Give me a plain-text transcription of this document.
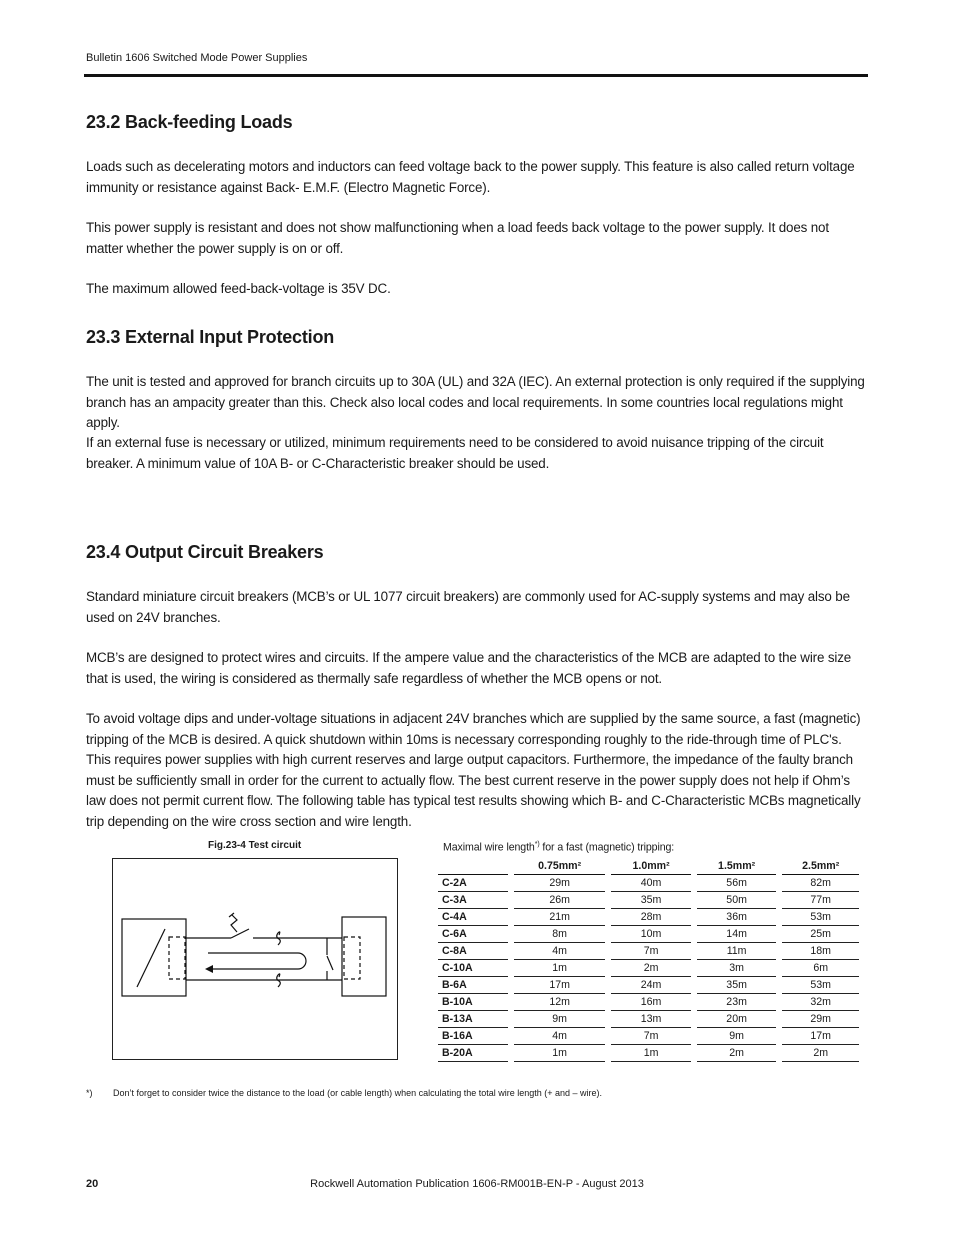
Bulletin 1606 Switched Mode Power Supplies
23.2 Back-feeding Loads

Loads such as decelerating motors and inductors can feed voltage back to the power supply. This feature is also called return voltage immunity or resistance against Back- E.M.F. (Electro Magnetic Force).

This power supply is resistant and does not show malfunctioning when a load feeds back voltage to the power supply. It does not matter whether the power supply is on or off.

The maximum allowed feed-back-voltage is 35V DC.

23.3 External Input Protection

The unit is tested and approved for branch circuits up to 30A (UL) and 32A (IEC). An external protection is only required if the supplying branch has an ampacity greater than this. Check also local codes and local requirements. In some countries local regulations might apply.

If an external fuse is necessary or utilized, minimum requirements need to be considered to avoid nuisance tripping of the circuit breaker. A minimum value of 10A B- or C-Characteristic breaker should be used.

23.4 Output Circuit Breakers

Standard miniature circuit breakers (MCB’s or UL 1077 circuit breakers) are commonly used for AC-supply systems and may also be used on 24V branches.

MCB’s are designed to protect wires and circuits. If the ampere value and the characteristics of the MCB are adapted to the wire size that is used, the wiring is considered as thermally safe regardless of whether the MCB opens or not.

To avoid voltage dips and under-voltage situations in adjacent 24V branches which are supplied by the same source, a fast (magnetic) tripping of the MCB is desired. A quick shutdown within 10ms is necessary corresponding roughly to the ride-through time of PLC's. This requires power supplies with high current reserves and large output capacitors. Furthermore, the impedance of the faulty branch must be sufficiently small in order for the current to actually flow. The best current reserve in the power supply does not help if Ohm’s law does not permit current flow. The following table has typical test results showing which B- and C-Characteristic MCBs magnetically trip depending on the wire cross section and wire length.

Fig.23-4 Test circuit	Maximal wire length*) for a fast (magnetic) tripping:
	0.75mm²	1.0mm²	1.5mm²	2.5mm²
C-2A	29m	40m	56m	82m
C-3A	26m	35m	50m	77m
C-4A	21m	28m	36m	53m
C-6A	8m	10m	14m	25m
C-8A	4m	7m	11m	18m
C-10A	1m	2m	3m	6m
B-6A	17m	24m	35m	53m
B-10A	12m	16m	23m	32m
B-13A	9m	13m	20m	29m
B-16A	4m	7m	9m	17m
B-20A	1m	1m	2m	2m
*) Don’t forget to consider twice the distance to the load (or cable length) when calculating the total wire length (+ and – wire).
20	Rockwell Automation Publication 1606-RM001B-EN-P - August 2013
